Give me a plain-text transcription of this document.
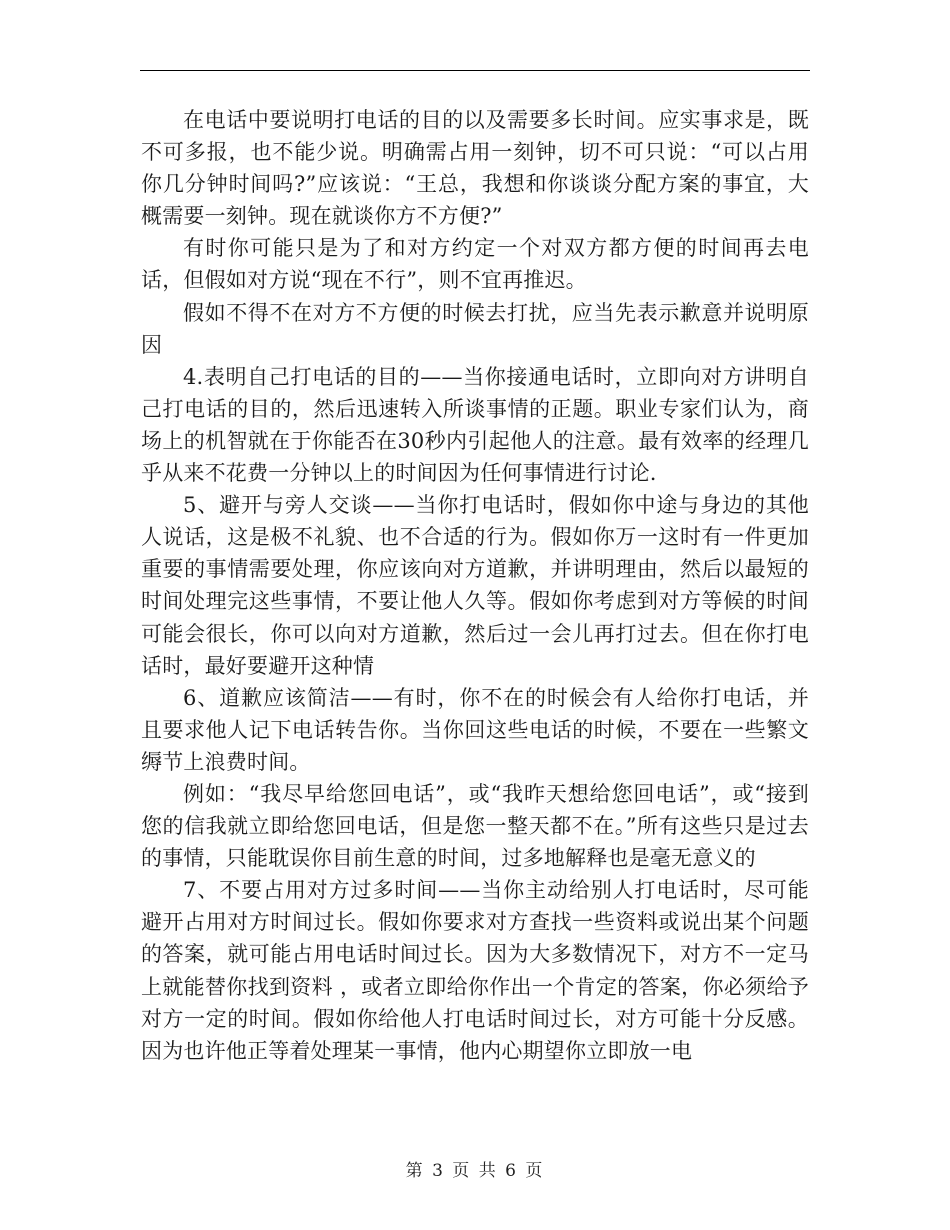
在电话中要说明打电话的目的以及需要多长时间。应实事求是，既不可多报，也不能少说。明确需占用一刻钟，切不可只说：“可以占用你几分钟时间吗?”应该说：“王总，我想和你谈谈分配方案的事宜，大概需要一刻钟。现在就谈你方不方便?”

有时你可能只是为了和对方约定一个对双方都方便的时间再去电话，但假如对方说“现在不行”，则不宜再推迟。

假如不得不在对方不方便的时候去打扰，应当先表示歉意并说明原因

4.表明自己打电话的目的——当你接通电话时，立即向对方讲明自己打电话的目的，然后迅速转入所谈事情的正题。职业专家们认为，商场上的机智就在于你能否在30秒内引起他人的注意。最有效率的经理几乎从来不花费一分钟以上的时间因为任何事情进行讨论.

5、避开与旁人交谈——当你打电话时，假如你中途与身边的其他人说话，这是极不礼貌、也不合适的行为。假如你万一这时有一件更加重要的事情需要处理，你应该向对方道歉，并讲明理由，然后以最短的时间处理完这些事情，不要让他人久等。假如你考虑到对方等候的时间可能会很长，你可以向对方道歉，然后过一会儿再打过去。但在你打电话时，最好要避开这种情

6、道歉应该简洁——有时，你不在的时候会有人给你打电话，并且要求他人记下电话转告你。当你回这些电话的时候，不要在一些繁文缛节上浪费时间。

例如：“我尽早给您回电话”，或“我昨天想给您回电话”，或“接到您的信我就立即给您回电话，但是您一整天都不在。”所有这些只是过去的事情，只能耽误你目前生意的时间，过多地解释也是毫无意义的

7、不要占用对方过多时间——当你主动给别人打电话时，尽可能避开占用对方时间过长。假如你要求对方查找一些资料或说出某个问题的答案，就可能占用电话时间过长。因为大多数情况下，对方不一定马上就能替你找到资料 ，或者立即给你作出一个肯定的答案，你必须给予对方一定的时间。假如你给他人打电话时间过长，对方可能十分反感。因为也许他正等着处理某一事情，他内心期望你立即放一电

第 3 页 共 6 页
